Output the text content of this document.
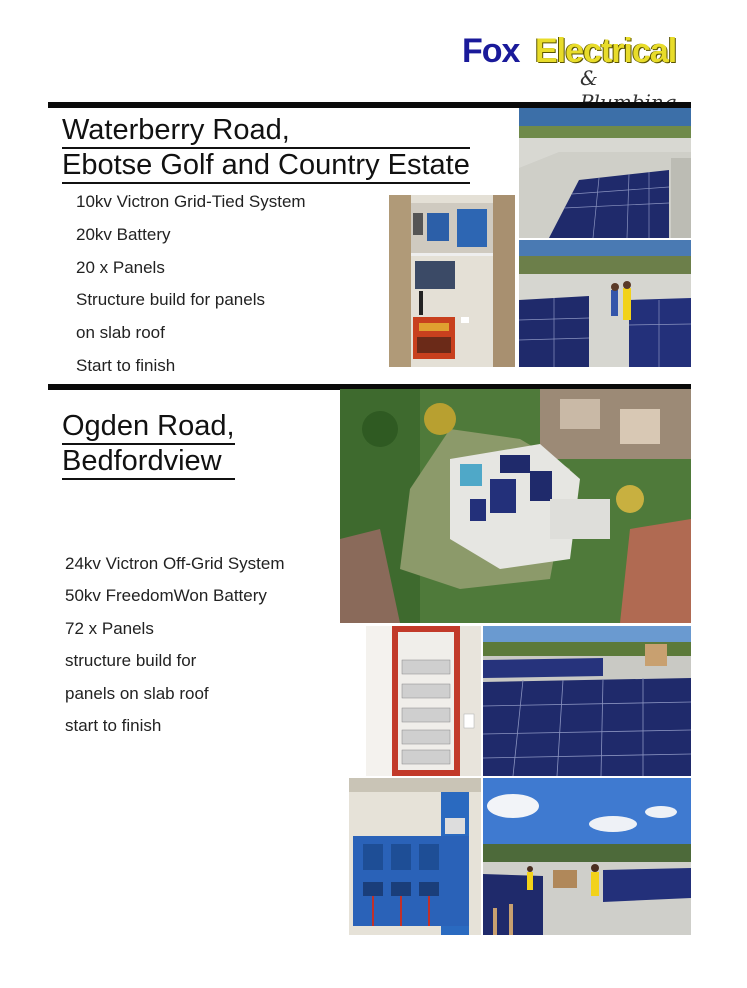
Fox Electrical
&
Waterberry Road,
Ebotse Golf and Country Estate
10kv Victron Grid-Tied System
20kv Battery
20 x Panels
Structure build for panels
on slab roof
Start to finish
Ogden Road,
Bedfordview
24kv Victron Off-Grid System
50kv FreedomWon Battery
72 x Panels
structure build for
panels on slab roof
start to finish
